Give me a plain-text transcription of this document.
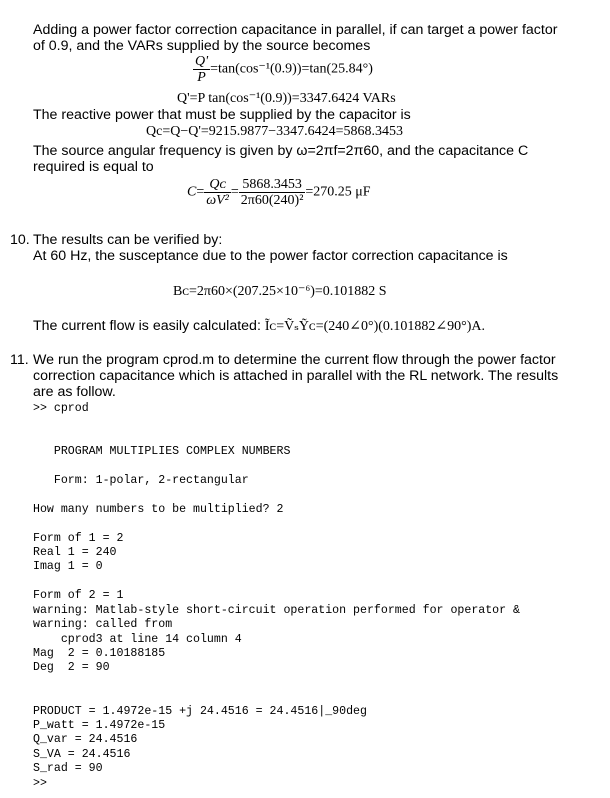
Adding a power factor correction capacitance in parallel, if can target a power factor
of 0.9, and the VARs supplied by the source becomes
$\frac{Q'}{P} =\tan(\cos^{-1}(0.9))=\tan(25.84^\circ)$
Q'=P tan(cos⁻¹(0.9))=3347.6424 VARs
The reactive power that must be supplied by the capacitor is
Qс=Q−Q'=9215.9877−3347.6424=5868.3453
The source angular frequency is given by ω=2πf=2π60, and the capacitance C
required is equal to
$C= \frac{\text{Qᴄ}}{\text{ωV²}} = \frac{5868.3453}{\text{2π60(240)²}} =270.25$ μF
10. The results can be verified by:
At 60 Hz, the susceptance due to the power factor correction capacitance is
Bᴄ=2π60×(207.25×10⁻⁶)=0.101882 S
The current flow is easily calculated: Ĩᴄ=ṼₛỸᴄ=(240∠0°)(0.101882∠90°)A.
11. We run the program cprod.m to determine the current flow through the power factor
correction capacitance which is attached in parallel with the RL network. The results
are as follow.
>> cprod

PROGRAM MULTIPLIES COMPLEX NUMBERS

Form: 1-polar, 2-rectangular

How many numbers to be multiplied? 2

Form of 1 = 2
Real 1 = 240
Imag 1 = 0

Form of 2 = 1
warning: Matlab-style short-circuit operation performed for operator &
warning: called from
cprod3 at line 14 column 4
Mag  2 = 0.10188185
Deg  2 = 90

PRODUCT = 1.4972e-15 +j 24.4516 = 24.4516|_90deg
P_watt = 1.4972e-15
Q_var = 24.4516
S_VA = 24.4516
S_rad = 90
>>
